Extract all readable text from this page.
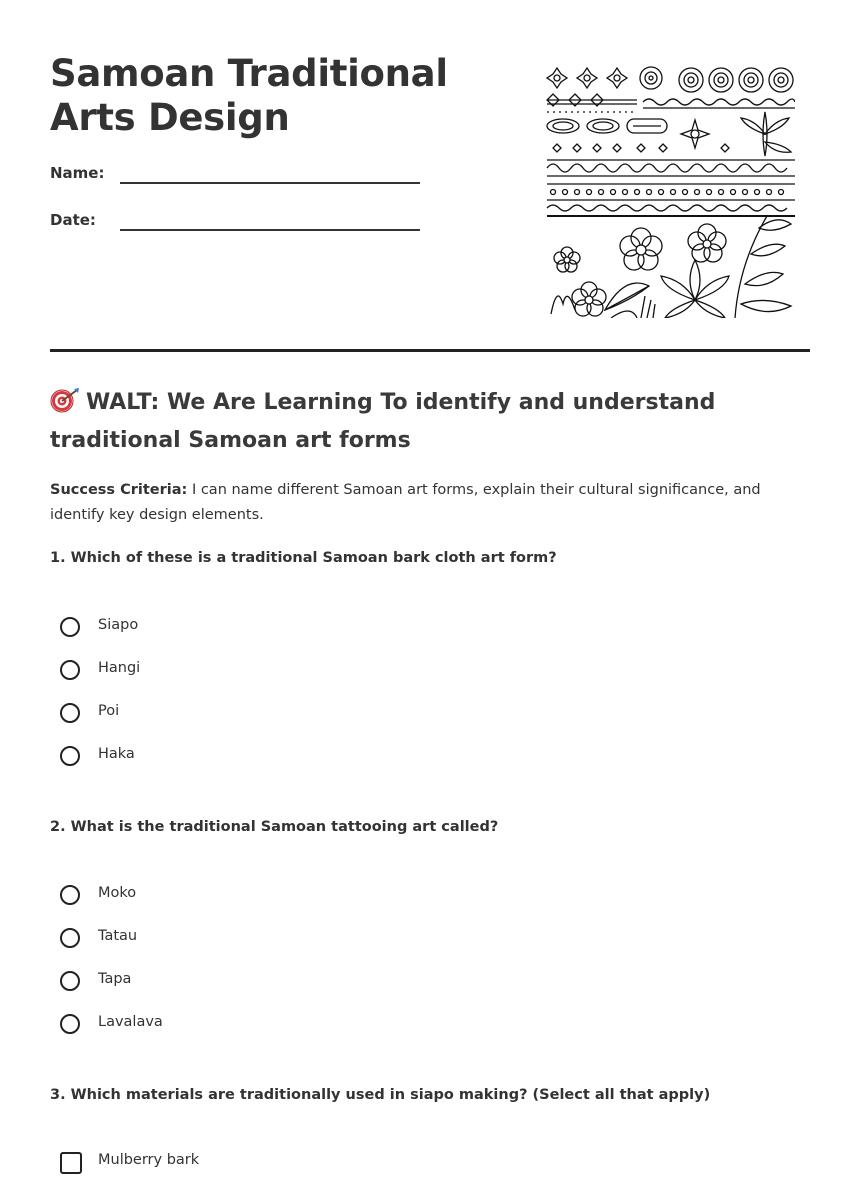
Samoan Traditional Arts Design
Name:
Date:
WALT: We Are Learning To identify and understand traditional Samoan art forms

Success Criteria: I can name different Samoan art forms, explain their cultural significance, and identify key design elements.

1. Which of these is a traditional Samoan bark cloth art form?
Siapo
Hangi
Poi
Haka
2. What is the traditional Samoan tattooing art called?
Moko
Tatau
Tapa
Lavalava
3. Which materials are traditionally used in siapo making? (Select all that apply)
Mulberry bark
